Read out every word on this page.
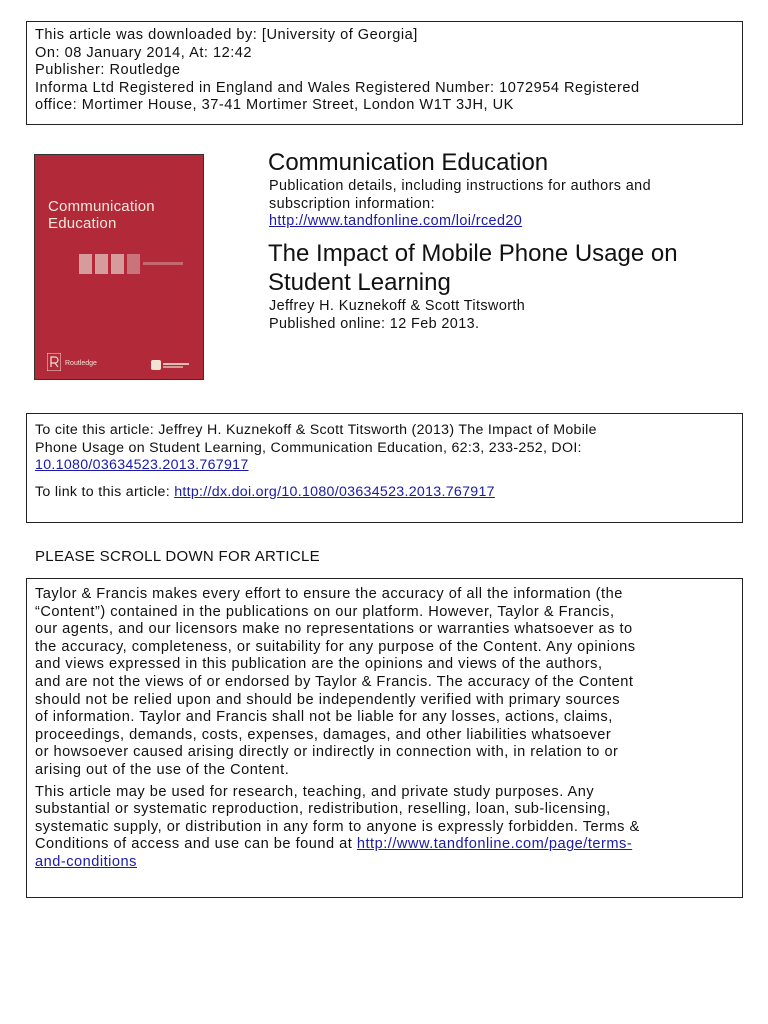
This article was downloaded by: [University of Georgia]
On: 08 January 2014, At: 12:42
Publisher: Routledge
Informa Ltd Registered in England and Wales Registered Number: 1072954 Registered
office: Mortimer House, 37-41 Mortimer Street, London W1T 3JH, UK
Communication
Education
Routledge
Communication Education
Publication details, including instructions for authors and
subscription information:
http://www.tandfonline.com/loi/rced20
The Impact of Mobile Phone Usage on
Student Learning
Jeffrey H. Kuznekoff & Scott Titsworth
Published online: 12 Feb 2013.
To cite this article: Jeffrey H. Kuznekoff & Scott Titsworth (2013) The Impact of Mobile
Phone Usage on Student Learning, Communication Education, 62:3, 233-252, DOI:
10.1080/03634523.2013.767917
To link to this article: http://dx.doi.org/10.1080/03634523.2013.767917
PLEASE SCROLL DOWN FOR ARTICLE
Taylor & Francis makes every effort to ensure the accuracy of all the information (the
“Content”) contained in the publications on our platform. However, Taylor & Francis,
our agents, and our licensors make no representations or warranties whatsoever as to
the accuracy, completeness, or suitability for any purpose of the Content. Any opinions
and views expressed in this publication are the opinions and views of the authors,
and are not the views of or endorsed by Taylor & Francis. The accuracy of the Content
should not be relied upon and should be independently verified with primary sources
of information. Taylor and Francis shall not be liable for any losses, actions, claims,
proceedings, demands, costs, expenses, damages, and other liabilities whatsoever
or howsoever caused arising directly or indirectly in connection with, in relation to or
arising out of the use of the Content.
This article may be used for research, teaching, and private study purposes. Any
substantial or systematic reproduction, redistribution, reselling, loan, sub-licensing,
systematic supply, or distribution in any form to anyone is expressly forbidden. Terms &
Conditions of access and use can be found at http://www.tandfonline.com/page/terms-
and-conditions
